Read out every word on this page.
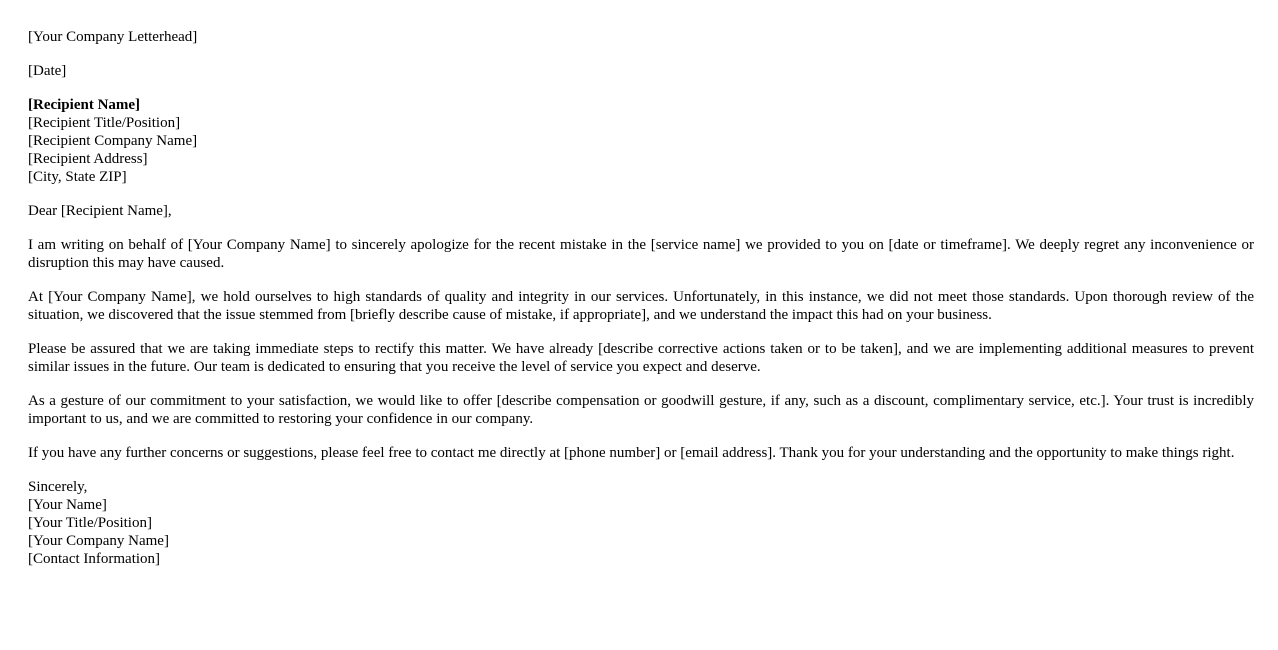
[Your Company Letterhead]
[Date]
[Recipient Name]
[Recipient Title/Position]
[Recipient Company Name]
[Recipient Address]
[City, State ZIP]
Dear [Recipient Name],

I am writing on behalf of [Your Company Name] to sincerely apologize for the recent mistake in the [service name] we provided to you on [date or timeframe]. We deeply regret any inconvenience or disruption this may have caused.

At [Your Company Name], we hold ourselves to high standards of quality and integrity in our services. Unfortunately, in this instance, we did not meet those standards. Upon thorough review of the situation, we discovered that the issue stemmed from [briefly describe cause of mistake, if appropriate], and we understand the impact this had on your business.

Please be assured that we are taking immediate steps to rectify this matter. We have already [describe corrective actions taken or to be taken], and we are implementing additional measures to prevent similar issues in the future. Our team is dedicated to ensuring that you receive the level of service you expect and deserve.

As a gesture of our commitment to your satisfaction, we would like to offer [describe compensation or goodwill gesture, if any, such as a discount, complimentary service, etc.]. Your trust is incredibly important to us, and we are committed to restoring your confidence in our company.

If you have any further concerns or suggestions, please feel free to contact me directly at [phone number] or [email address]. Thank you for your understanding and the opportunity to make things right.

Sincerely,
[Your Name]
[Your Title/Position]
[Your Company Name]
[Contact Information]
